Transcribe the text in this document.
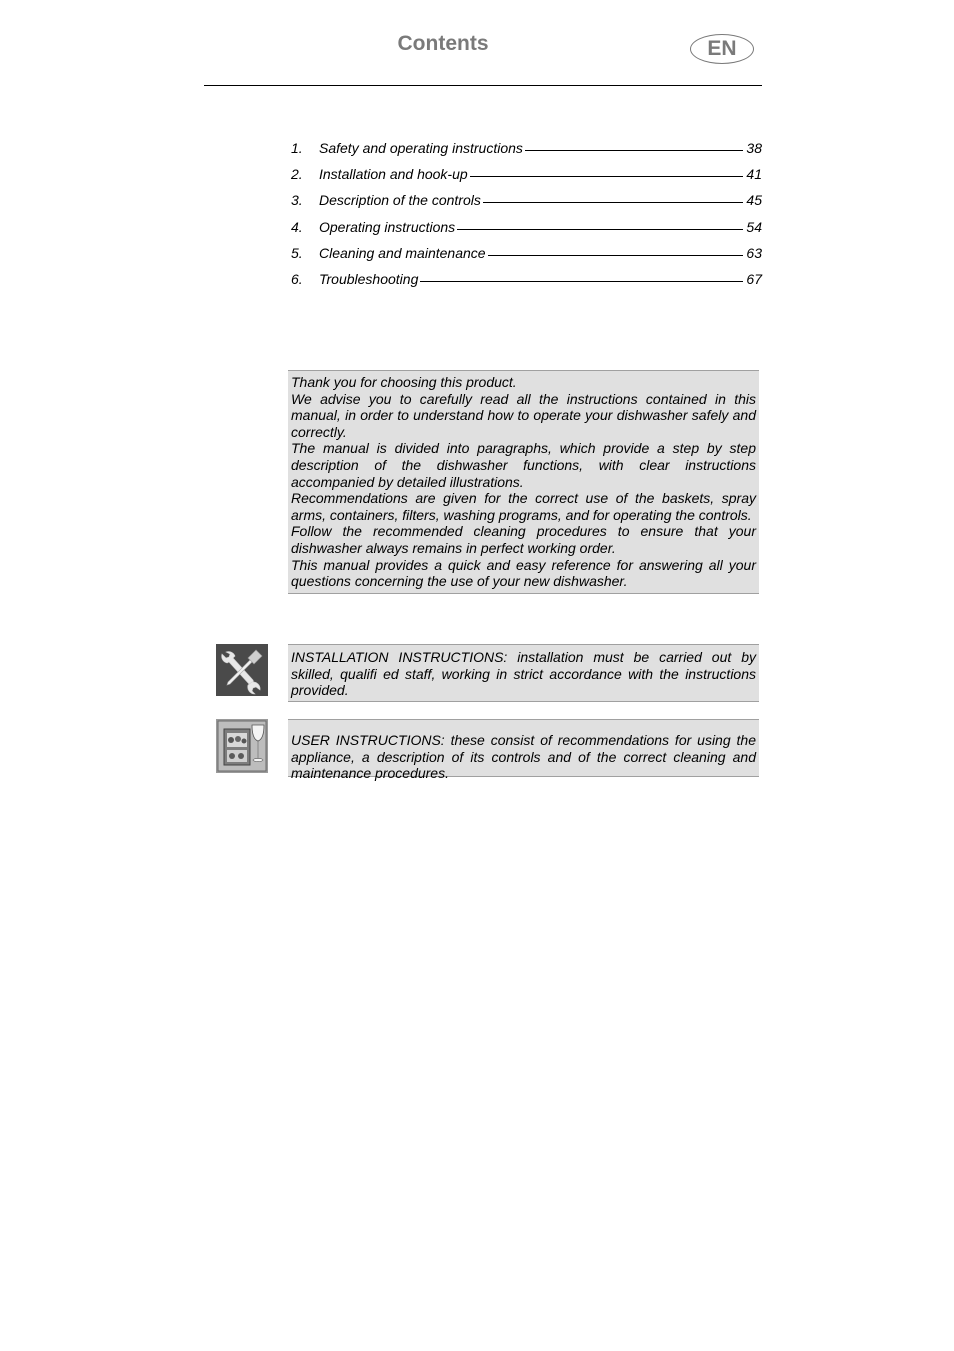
Contents	EN
1.	Safety and operating instructions	38
2.	Installation and hook-up	41
3.	Description of the controls	45
4.	Operating instructions	54
5.	Cleaning and maintenance	63
6.	Troubleshooting	67

Thank you for choosing this product.

We advise you to carefully read all the instructions contained in this manual, in order to understand how to operate your dishwasher safely and correctly.

The manual is divided into paragraphs, which provide a step by step description of the dishwasher functions, with clear instructions accompanied by detailed illustrations.

Recommendations are given for the correct use of the baskets, spray arms, containers, filters, washing programs, and for operating the controls.

Follow the recommended cleaning procedures to ensure that your dishwasher always remains in perfect working order.

This manual provides a quick and easy reference for answering all your questions concerning the use of your new dishwasher.

INSTALLATION INSTRUCTIONS: installation must be carried out by skilled, qualifi ed staff, working in strict accordance with the instructions provided.

USER INSTRUCTIONS: these consist of recommendations for using the appliance, a description of its controls and of the correct cleaning and maintenance procedures.
